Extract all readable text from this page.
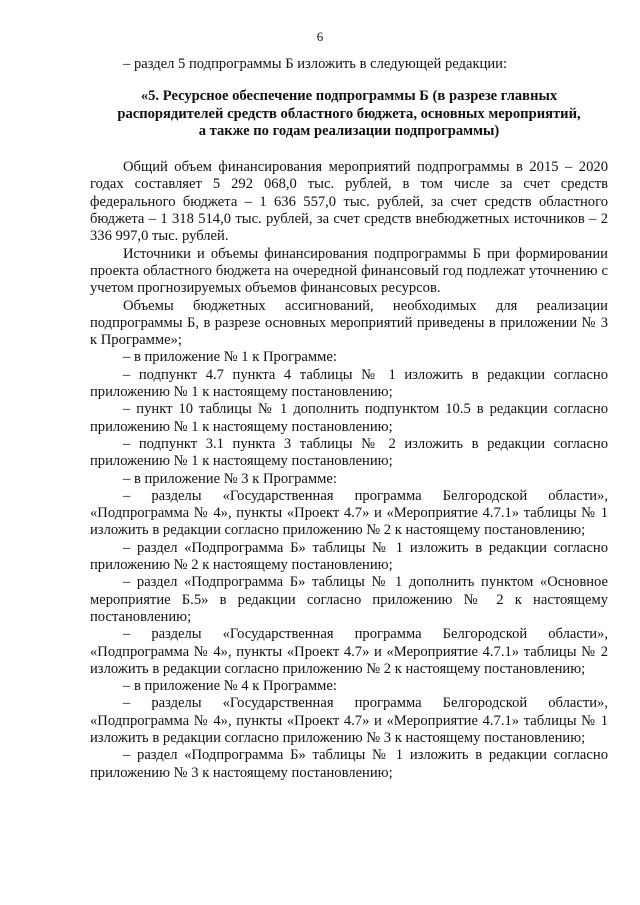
6

– раздел 5 подпрограммы Б изложить в следующей редакции:

«5. Ресурсное обеспечение подпрограммы Б (в разрезе главных
распорядителей средств областного бюджета, основных мероприятий,
а также по годам реализации подпрограммы)

Общий объем финансирования мероприятий подпрограммы в 2015 – 2020 годах составляет 5 292 068,0 тыс. рублей, в том числе за счет средств федерального бюджета – 1 636 557,0 тыс. рублей, за счет средств областного бюджета – 1 318 514,0 тыс. рублей, за счет средств внебюджетных источников – 2 336 997,0 тыс. рублей.

Источники и объемы финансирования подпрограммы Б при формировании проекта областного бюджета на очередной финансовый год подлежат уточнению с учетом прогнозируемых объемов финансовых ресурсов.

Объемы бюджетных ассигнований, необходимых для реализации подпрограммы Б, в разрезе основных мероприятий приведены в приложении № 3 к Программе»;

– в приложение № 1 к Программе:

– подпункт 4.7 пункта 4 таблицы № 1 изложить в редакции согласно приложению № 1 к настоящему постановлению;

– пункт 10 таблицы № 1 дополнить подпунктом 10.5 в редакции согласно приложению № 1 к настоящему постановлению;

– подпункт 3.1 пункта 3 таблицы № 2 изложить в редакции согласно приложению № 1 к настоящему постановлению;

– в приложение № 3 к Программе:

– разделы «Государственная программа Белгородской области», «Подпрограмма № 4», пункты «Проект 4.7» и «Мероприятие 4.7.1» таблицы № 1 изложить в редакции согласно приложению № 2 к настоящему постановлению;

– раздел «Подпрограмма Б» таблицы № 1 изложить в редакции согласно приложению № 2 к настоящему постановлению;

– раздел «Подпрограмма Б» таблицы № 1 дополнить пунктом «Основное мероприятие Б.5» в редакции согласно приложению № 2 к настоящему постановлению;

– разделы «Государственная программа Белгородской области», «Подпрограмма № 4», пункты «Проект 4.7» и «Мероприятие 4.7.1» таблицы № 2 изложить в редакции согласно приложению № 2 к настоящему постановлению;

– в приложение № 4 к Программе:

– разделы «Государственная программа Белгородской области», «Подпрограмма № 4», пункты «Проект 4.7» и «Мероприятие 4.7.1» таблицы № 1 изложить в редакции согласно приложению № 3 к настоящему постановлению;

– раздел «Подпрограмма Б» таблицы № 1 изложить в редакции согласно приложению № 3 к настоящему постановлению;
